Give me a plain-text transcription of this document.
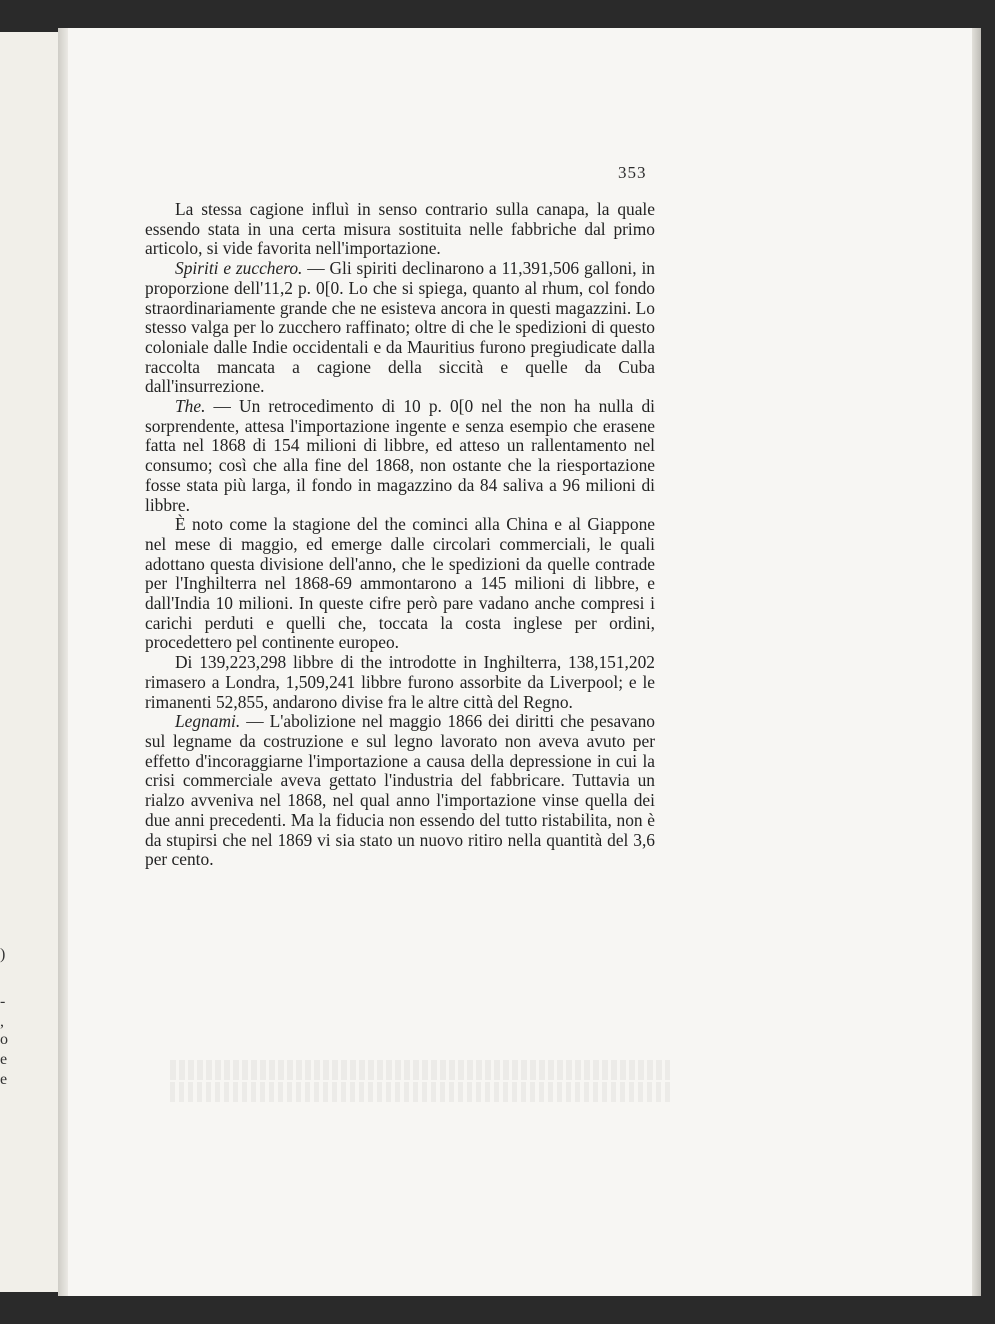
)
-
,
o
e
e
353

La stessa cagione influì in senso contrario sulla canapa, la quale essendo stata in una certa misura sostituita nelle fabbriche dal primo articolo, si vide favorita nell'importazione.

Spiriti e zucchero. — Gli spiriti declinarono a 11,391,506 galloni, in proporzione dell'11,2 p. 0[0. Lo che si spiega, quanto al rhum, col fondo straordinariamente grande che ne esisteva ancora in questi magazzini. Lo stesso valga per lo zucchero raffinato; oltre di che le spedizioni di questo coloniale dalle Indie occidentali e da Mauritius furono pregiudicate dalla raccolta mancata a cagione della siccità e quelle da Cuba dall'insurrezione.

The. — Un retrocedimento di 10 p. 0[0 nel the non ha nulla di sorprendente, attesa l'importazione ingente e senza esempio che erasene fatta nel 1868 di 154 milioni di libbre, ed atteso un rallentamento nel consumo; così che alla fine del 1868, non ostante che la riesportazione fosse stata più larga, il fondo in magazzino da 84 saliva a 96 milioni di libbre.

È noto come la stagione del the cominci alla China e al Giappone nel mese di maggio, ed emerge dalle circolari commerciali, le quali adottano questa divisione dell'anno, che le spedizioni da quelle contrade per l'Inghilterra nel 1868-69 ammontarono a 145 milioni di libbre, e dall'India 10 milioni. In queste cifre però pare vadano anche compresi i carichi perduti e quelli che, toccata la costa inglese per ordini, procedettero pel continente europeo.

Di 139,223,298 libbre di the introdotte in Inghilterra, 138,151,202 rimasero a Londra, 1,509,241 libbre furono assorbite da Liverpool; e le rimanenti 52,855, andarono divise fra le altre città del Regno.

Legnami. — L'abolizione nel maggio 1866 dei diritti che pesavano sul legname da costruzione e sul legno lavorato non aveva avuto per effetto d'incoraggiarne l'importazione a causa della depressione in cui la crisi commerciale aveva gettato l'industria del fabbricare. Tuttavia un rialzo avveniva nel 1868, nel qual anno l'importazione vinse quella dei due anni precedenti. Ma la fiducia non essendo del tutto ristabilita, non è da stupirsi che nel 1869 vi sia stato un nuovo ritiro nella quantità del 3,6 per cento.
